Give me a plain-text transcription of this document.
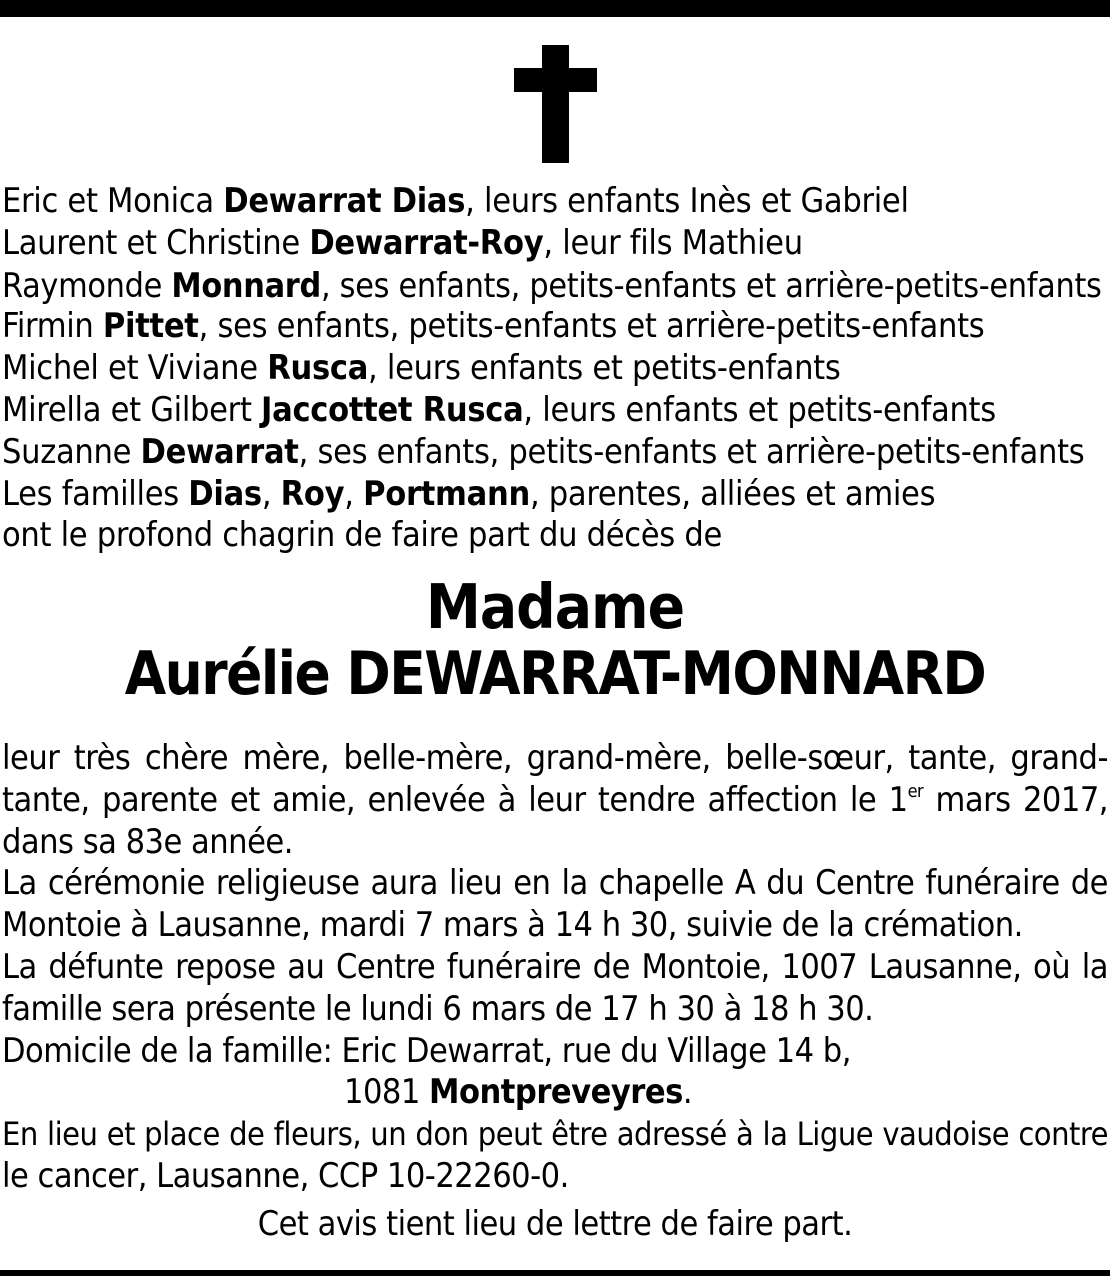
Eric et Monica Dewarrat Dias, leurs enfants Inès et Gabriel
Laurent et Christine Dewarrat-Roy, leur fils Mathieu
Raymonde Monnard, ses enfants, petits-enfants et arrière-petits-enfants
Firmin Pittet, ses enfants, petits-enfants et arrière-petits-enfants
Michel et Viviane Rusca, leurs enfants et petits-enfants
Mirella et Gilbert Jaccottet Rusca, leurs enfants et petits-enfants
Suzanne Dewarrat, ses enfants, petits-enfants et arrière-petits-enfants
Les familles Dias, Roy, Portmann, parentes, alliées et amies
ont le profond chagrin de faire part du décès de
Madame
Aurélie DEWARRAT-MONNARD
leur très chère mère, belle-mère, grand-mère, belle-sœur, tante, grand-
tante, parente et amie, enlevée à leur tendre affection le 1er mars 2017,
dans sa 83e année.
La cérémonie religieuse aura lieu en la chapelle A du Centre funéraire de
Montoie à Lausanne, mardi 7 mars à 14 h 30, suivie de la crémation.
La défunte repose au Centre funéraire de Montoie, 1007 Lausanne, où la
famille sera présente le lundi 6 mars de 17 h 30 à 18 h 30.
Domicile de la famille: Eric Dewarrat, rue du Village 14 b,
1081 Montpreveyres.
En lieu et place de fleurs, un don peut être adressé à la Ligue vaudoise contre
le cancer, Lausanne, CCP 10-22260-0.
Cet avis tient lieu de lettre de faire part.
